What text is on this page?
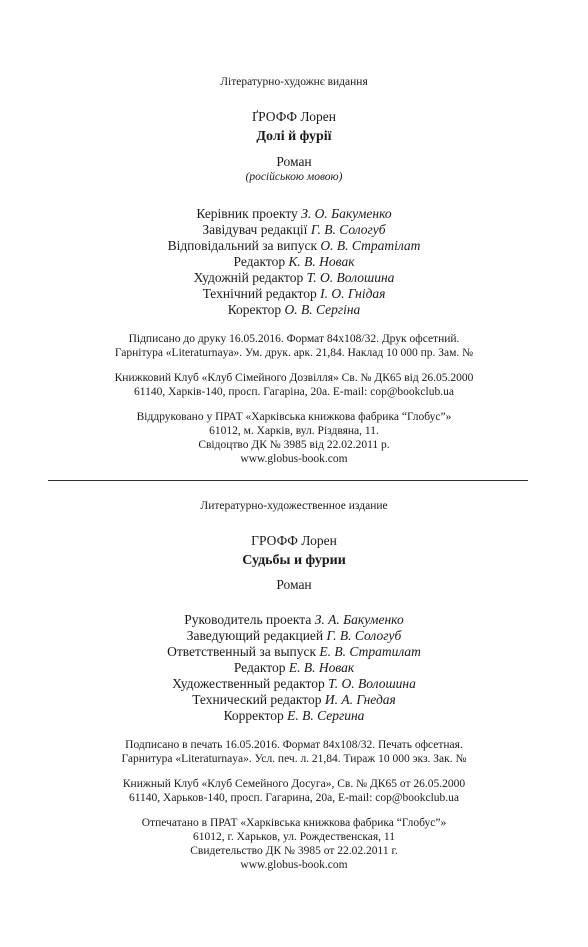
Літературно-художнє видання
ҐРОФФ Лорен
Долі й фурії
Роман
(російською мовою)
Керівник проекту З. О. Бакуменко
Завідувач редакції Г. В. Сологуб
Відповідальний за випуск О. В. Стратілат
Редактор К. В. Новак
Художній редактор Т. О. Волошина
Технічний редактор І. О. Гнідая
Коректор О. В. Сергіна
Підписано до друку 16.05.2016. Формат 84х108/32. Друк офсетний.
Гарнітура «Literaturnaya». Ум. друк. арк. 21,84. Наклад 10 000 пр. Зам. №
Книжковий Клуб «Клуб Сімейного Дозвілля» Св. № ДК65 від 26.05.2000
61140, Харків-140, просп. Гагаріна, 20а. E-mail: cop@bookclub.ua
Віддруковано у ПРАТ «Харківська книжкова фабрика “Глобус”»
61012, м. Харків, вул. Різдвяна, 11.
Свідоцтво ДК № 3985 від 22.02.2011 р.
www.globus-book.com
Литературно-художественное издание
ГРОФФ Лорен
Судьбы и фурии
Роман
Руководитель проекта З. А. Бакуменко
Заведующий редакцией Г. В. Сологуб
Ответственный за выпуск Е. В. Стратилат
Редактор Е. В. Новак
Художественный редактор Т. О. Волошина
Технический редактор И. А. Гнедая
Корректор Е. В. Сергина
Подписано в печать 16.05.2016. Формат 84х108/32. Печать офсетная.
Гарнитура «Literaturnaya». Усл. печ. л. 21,84. Тираж 10 000 экз. Зак. №
Книжный Клуб «Клуб Семейного Досуга», Св. № ДК65 от 26.05.2000
61140, Харьков-140, просп. Гагарина, 20а, E-mail: cop@bookclub.ua
Отпечатано в ПРАТ «Харківська книжкова фабрика “Глобус”»
61012, г. Харьков, ул. Рождественская, 11
Свидетельство ДК № 3985 от 22.02.2011 г.
www.globus-book.com
